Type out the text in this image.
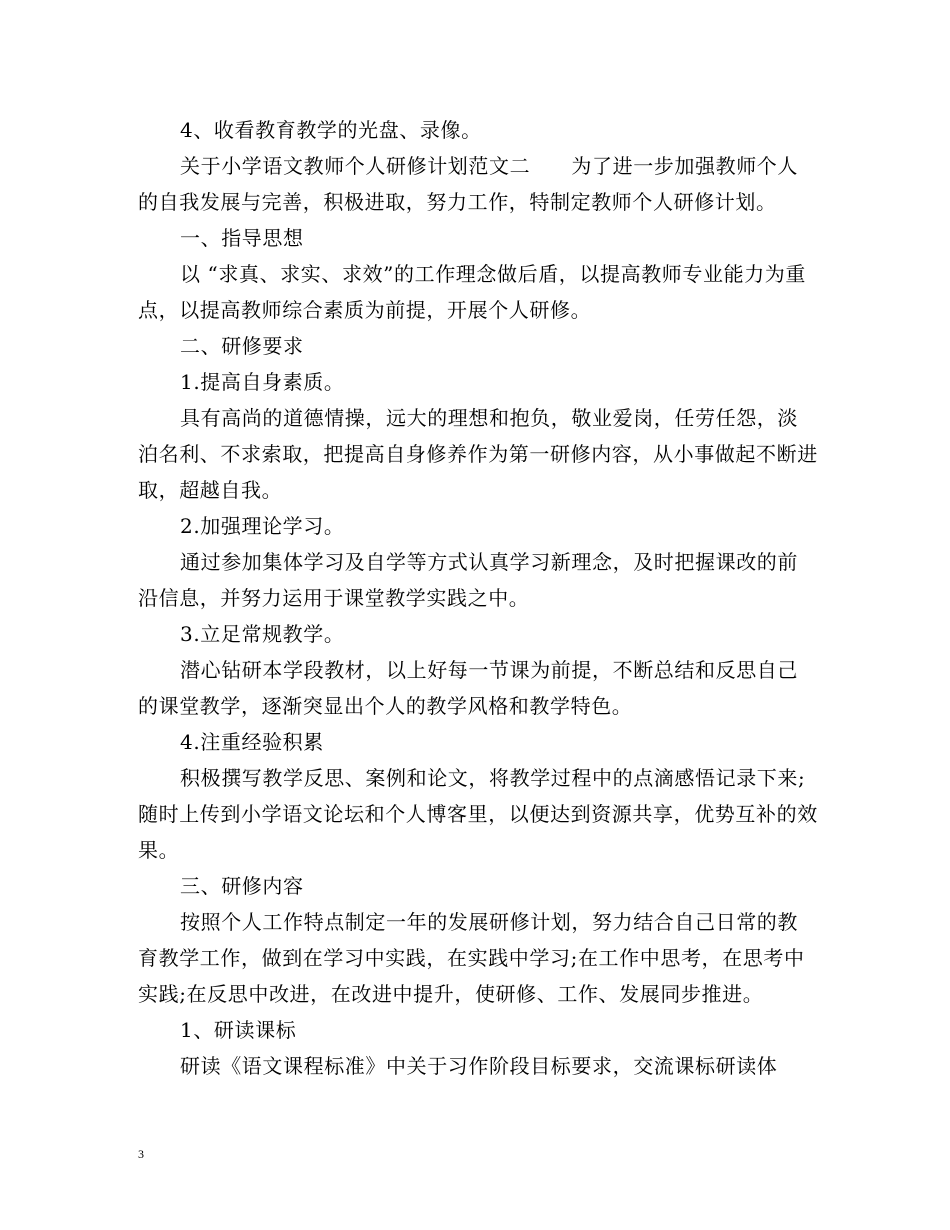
4、收看教育教学的光盘、录像。

关于小学语文教师个人研修计划范文二　　为了进一步加强教师个人的自我发展与完善，积极进取，努力工作，特制定教师个人研修计划。

一、指导思想

以 “求真、求实、求效”的工作理念做后盾，以提高教师专业能力为重点，以提高教师综合素质为前提，开展个人研修。

二、研修要求

1.提高自身素质。

具有高尚的道德情操，远大的理想和抱负，敬业爱岗，任劳任怨，淡泊名利、不求索取，把提高自身修养作为第一研修内容，从小事做起不断进取，超越自我。

2.加强理论学习。

通过参加集体学习及自学等方式认真学习新理念，及时把握课改的前沿信息，并努力运用于课堂教学实践之中。

3.立足常规教学。

潜心钻研本学段教材，以上好每一节课为前提，不断总结和反思自己的课堂教学，逐渐突显出个人的教学风格和教学特色。

4.注重经验积累

积极撰写教学反思、案例和论文，将教学过程中的点滴感悟记录下来;随时上传到小学语文论坛和个人博客里，以便达到资源共享，优势互补的效果。

三、研修内容

按照个人工作特点制定一年的发展研修计划，努力结合自己日常的教育教学工作，做到在学习中实践，在实践中学习;在工作中思考，在思考中实践;在反思中改进，在改进中提升，使研修、工作、发展同步推进。

1、研读课标

研读《语文课程标准》中关于习作阶段目标要求，交流课标研读体

3
